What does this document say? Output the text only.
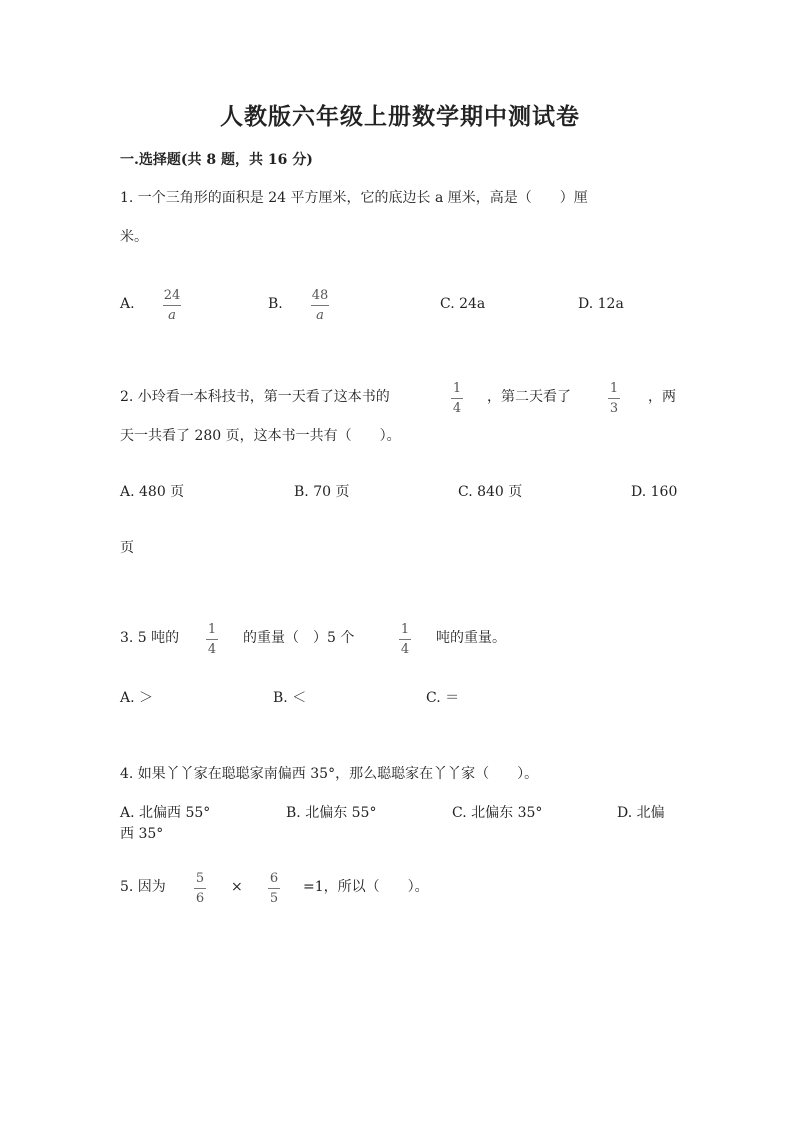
人教版六年级上册数学期中测试卷
一.选择题(共 8 题，共 16 分)
1. 一个三角形的面积是 24 平方厘米，它的底边长 a 厘米，高是（　　）厘
米。
A.
24
a
B.
48
a
C. 24a	D. 12a
2. 小玲看一本科技书，第一天看了这本书的
1
4
，第二天看了
1
3
，两
天一共看了 280 页，这本书一共有（　　）。
A. 480 页	B. 70 页	C. 840 页	D. 160
页
3. 5 吨的
1
4
的重量（　）5 个
1
4
吨的重量。
A. ＞	B. ＜	C. ＝
4. 如果丫丫家在聪聪家南偏西 35°，那么聪聪家在丫丫家（　　）。
A. 北偏西 55°	B. 北偏东 55°	C. 北偏东 35°	D. 北偏
西 35°
5. 因为
5
6
×
6
5
=1，所以（　　）。
